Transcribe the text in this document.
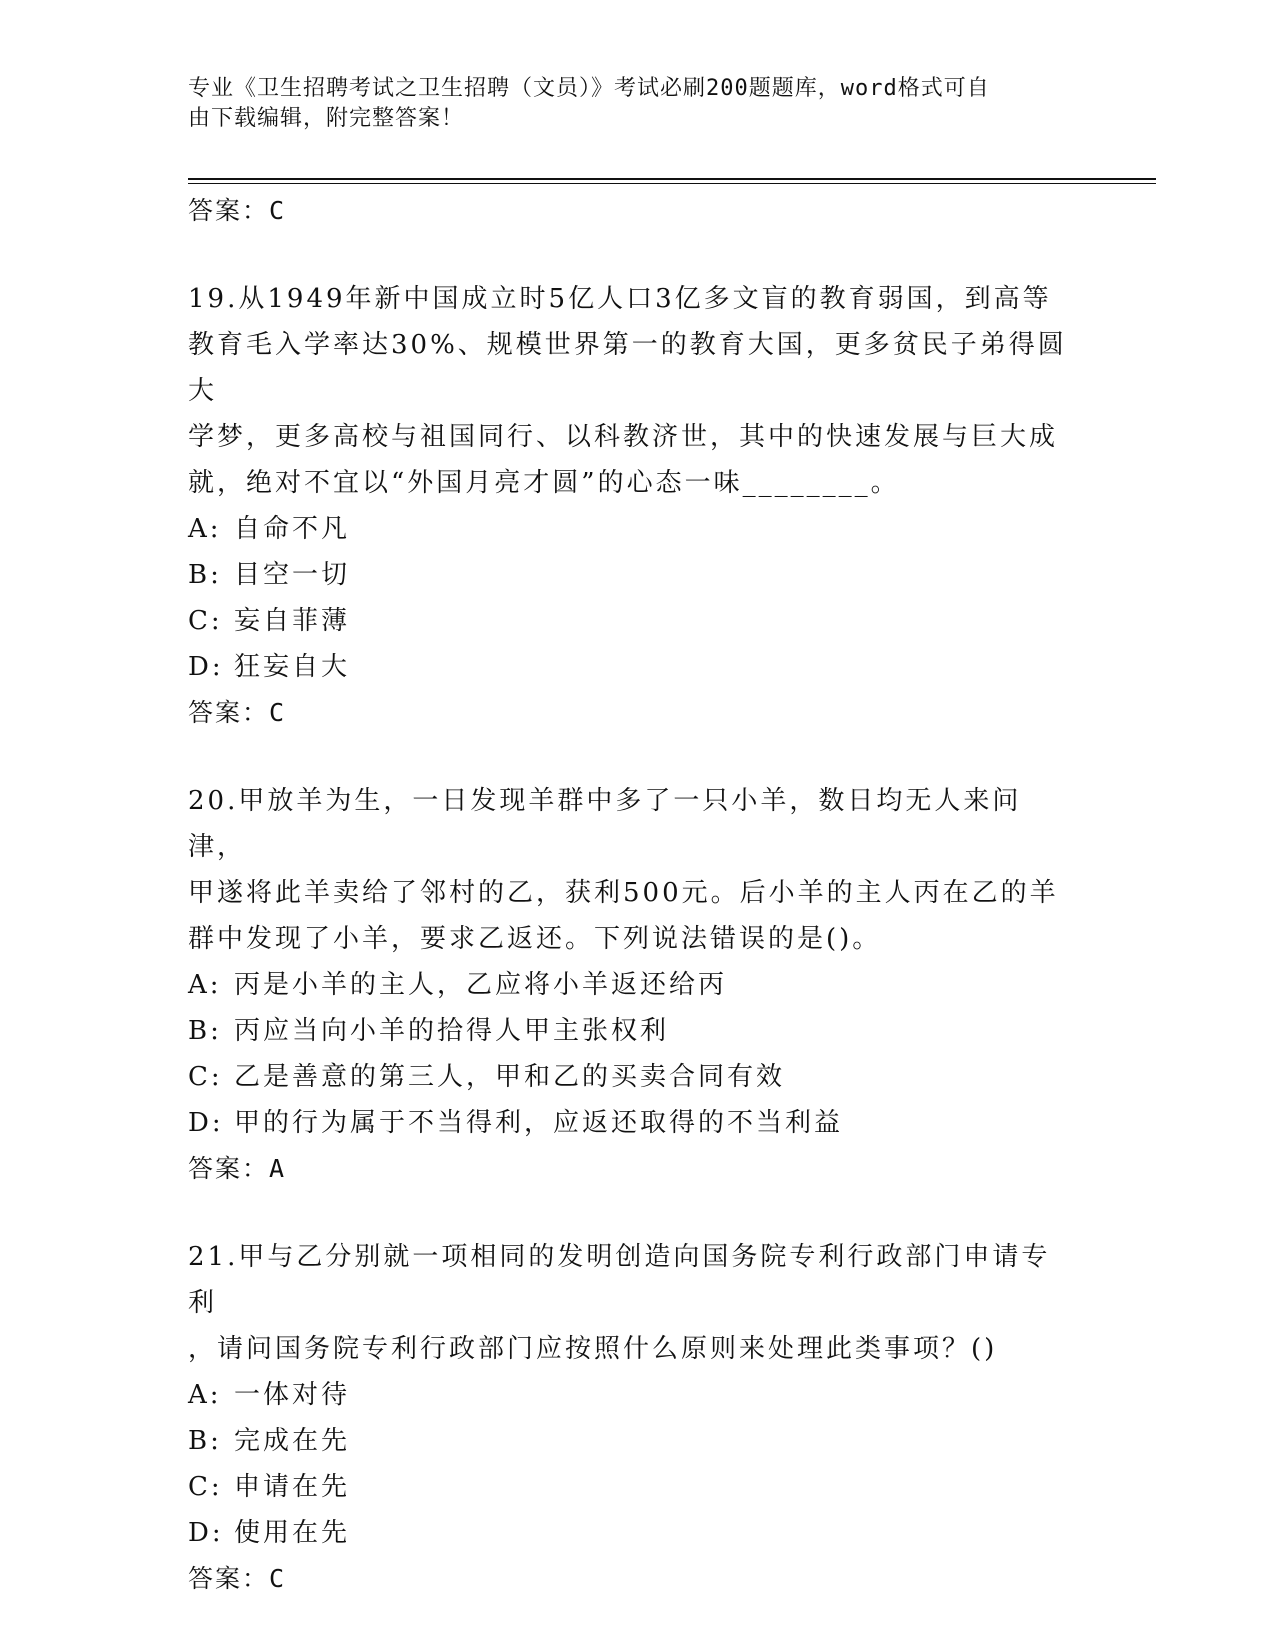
专业《卫生招聘考试之卫生招聘（文员）》考试必刷200题题库，word格式可自
由下载编辑，附完整答案！
答案：C
19.从1949年新中国成立时5亿人口3亿多文盲的教育弱国，到高等
教育毛入学率达30%、规模世界第一的教育大国，更多贫民子弟得圆大
学梦，更多高校与祖国同行、以科教济世，其中的快速发展与巨大成
就，绝对不宜以“外国月亮才圆”的心态一味________。
A: 自命不凡
B: 目空一切
C: 妄自菲薄
D: 狂妄自大
答案：C
20.甲放羊为生，一日发现羊群中多了一只小羊，数日均无人来问津，
甲遂将此羊卖给了邻村的乙，获利500元。后小羊的主人丙在乙的羊
群中发现了小羊，要求乙返还。下列说法错误的是()。
A: 丙是小羊的主人，乙应将小羊返还给丙
B: 丙应当向小羊的拾得人甲主张权利
C: 乙是善意的第三人，甲和乙的买卖合同有效
D: 甲的行为属于不当得利，应返还取得的不当利益
答案：A
21.甲与乙分别就一项相同的发明创造向国务院专利行政部门申请专利
，请问国务院专利行政部门应按照什么原则来处理此类事项？()
A: 一体对待
B: 完成在先
C: 申请在先
D: 使用在先
答案：C
